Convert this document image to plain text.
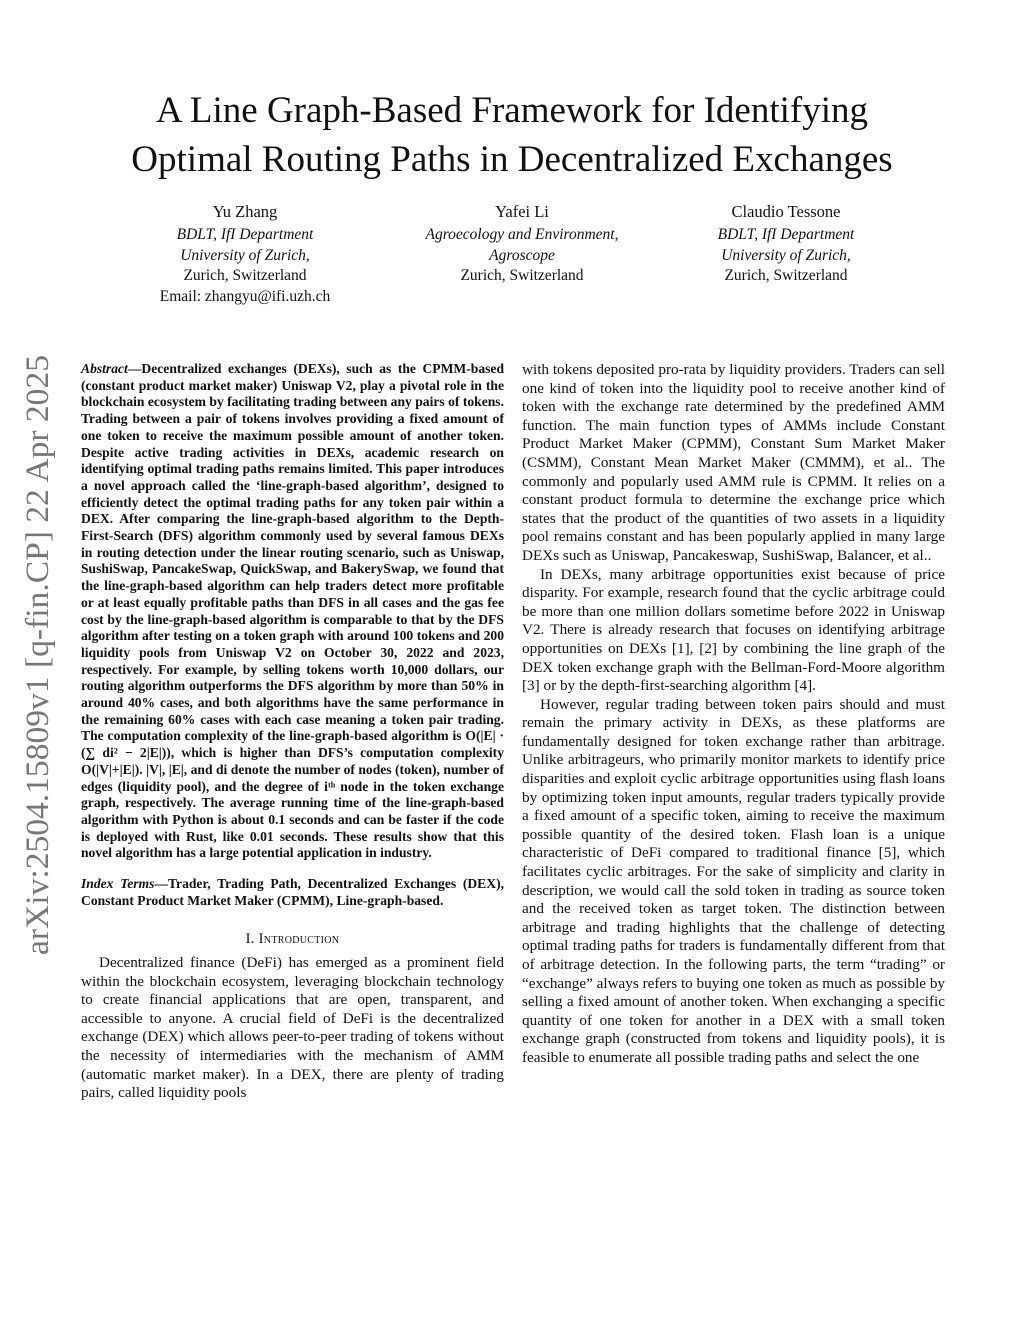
arXiv:2504.15809v1 [q-fin.CP] 22 Apr 2025
A Line Graph-Based Framework for Identifying
Optimal Routing Paths in Decentralized Exchanges
Yu Zhang
BDLT, IfI Department
University of Zurich,
Zurich, Switzerland
Email: zhangyu@ifi.uzh.ch
Yafei Li
Agroecology and Environment,
Agroscope
Zurich, Switzerland
Claudio Tessone
BDLT, IfI Department
University of Zurich,
Zurich, Switzerland

Abstract—Decentralized exchanges (DEXs), such as the CPMM-based (constant product market maker) Uniswap V2, play a pivotal role in the blockchain ecosystem by facilitating trading between any pairs of tokens. Trading between a pair of tokens involves providing a fixed amount of one token to receive the maximum possible amount of another token. Despite active trading activities in DEXs, academic research on identifying optimal trading paths remains limited. This paper introduces a novel approach called the ‘line-graph-based algorithm’, designed to efficiently detect the optimal trading paths for any token pair within a DEX. After comparing the line-graph-based algorithm to the Depth-First-Search (DFS) algorithm commonly used by several famous DEXs in routing detection under the linear routing scenario, such as Uniswap, SushiSwap, PancakeSwap, QuickSwap, and BakerySwap, we found that the line-graph-based algorithm can help traders detect more profitable or at least equally profitable paths than DFS in all cases and the gas fee cost by the line-graph-based algorithm is comparable to that by the DFS algorithm after testing on a token graph with around 100 tokens and 200 liquidity pools from Uniswap V2 on October 30, 2022 and 2023, respectively. For example, by selling tokens worth 10,000 dollars, our routing algorithm outperforms the DFS algorithm by more than 50% in around 40% cases, and both algorithms have the same performance in the remaining 60% cases with each case meaning a token pair trading. The computation complexity of the line-graph-based algorithm is O(|E| · (∑ di² − 2|E|)), which is higher than DFS’s computation complexity O(|V|+|E|). |V|, |E|, and di denote the number of nodes (token), number of edges (liquidity pool), and the degree of iᵗʰ node in the token exchange graph, respectively. The average running time of the line-graph-based algorithm with Python is about 0.1 seconds and can be faster if the code is deployed with Rust, like 0.01 seconds. These results show that this novel algorithm has a large potential application in industry.

Index Terms—Trader, Trading Path, Decentralized Exchanges (DEX), Constant Product Market Maker (CPMM), Line-graph-based.

I. Introduction

Decentralized finance (DeFi) has emerged as a prominent field within the blockchain ecosystem, leveraging blockchain technology to create financial applications that are open, transparent, and accessible to anyone. A crucial field of DeFi is the decentralized exchange (DEX) which allows peer-to-peer trading of tokens without the necessity of intermediaries with the mechanism of AMM (automatic market maker). In a DEX, there are plenty of trading pairs, called liquidity pools

with tokens deposited pro-rata by liquidity providers. Traders can sell one kind of token into the liquidity pool to receive another kind of token with the exchange rate determined by the predefined AMM function. The main function types of AMMs include Constant Product Market Maker (CPMM), Constant Sum Market Maker (CSMM), Constant Mean Market Maker (CMMM), et al.. The commonly and popularly used AMM rule is CPMM. It relies on a constant product formula to determine the exchange price which states that the product of the quantities of two assets in a liquidity pool remains constant and has been popularly applied in many large DEXs such as Uniswap, Pancakeswap, SushiSwap, Balancer, et al..

In DEXs, many arbitrage opportunities exist because of price disparity. For example, research found that the cyclic arbitrage could be more than one million dollars sometime before 2022 in Uniswap V2. There is already research that focuses on identifying arbitrage opportunities on DEXs [1], [2] by combining the line graph of the DEX token exchange graph with the Bellman-Ford-Moore algorithm [3] or by the depth-first-searching algorithm [4].

However, regular trading between token pairs should and must remain the primary activity in DEXs, as these platforms are fundamentally designed for token exchange rather than arbitrage. Unlike arbitrageurs, who primarily monitor markets to identify price disparities and exploit cyclic arbitrage opportunities using flash loans by optimizing token input amounts, regular traders typically provide a fixed amount of a specific token, aiming to receive the maximum possible quantity of the desired token. Flash loan is a unique characteristic of DeFi compared to traditional finance [5], which facilitates cyclic arbitrages. For the sake of simplicity and clarity in description, we would call the sold token in trading as source token and the received token as target token. The distinction between arbitrage and trading highlights that the challenge of detecting optimal trading paths for traders is fundamentally different from that of arbitrage detection. In the following parts, the term “trading” or “exchange” always refers to buying one token as much as possible by selling a fixed amount of another token. When exchanging a specific quantity of one token for another in a DEX with a small token exchange graph (constructed from tokens and liquidity pools), it is feasible to enumerate all possible trading paths and select the one
